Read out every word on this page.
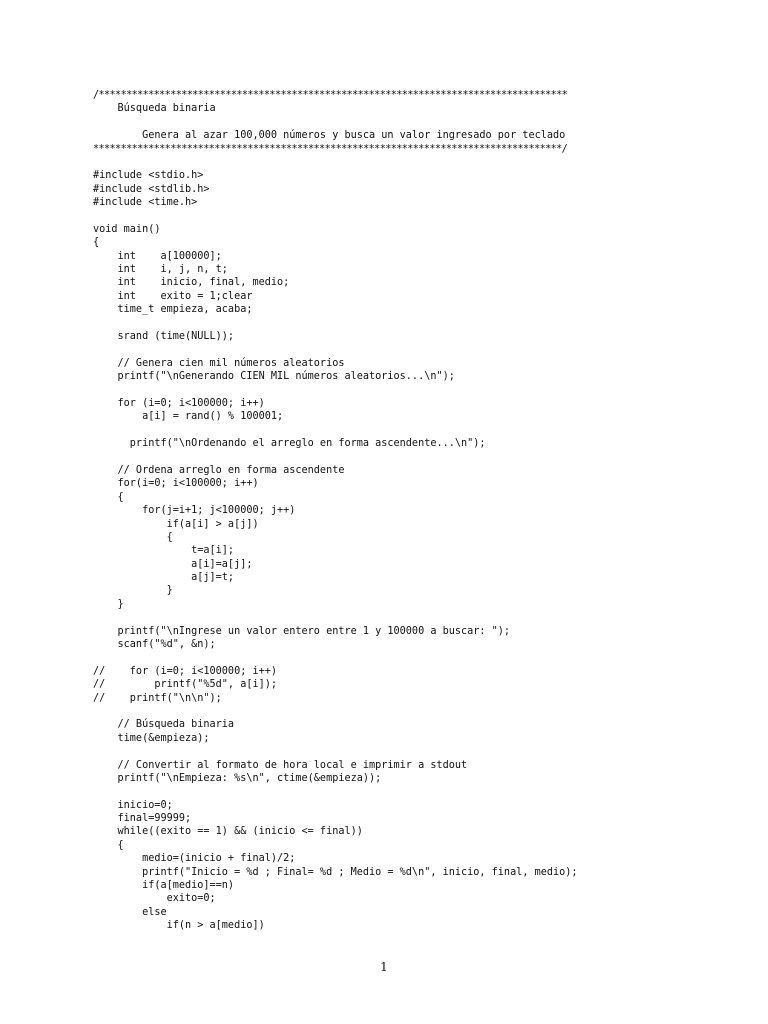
/*************************************************************************************
Búsqueda binaria
Genera al azar 100,000 números y busca un valor ingresado por teclado
*************************************************************************************/
#include <stdio.h>
#include <stdlib.h>
#include <time.h>
void main()
{
int    a[100000];
int    i, j, n, t;
int    inicio, final, medio;
int    exito = 1;clear
time_t empieza, acaba;
srand (time(NULL));
// Genera cien mil números aleatorios
printf("\nGenerando CIEN MIL números aleatorios...\n");
for (i=0; i<100000; i++)
a[i] = rand() % 100001;
printf("\nOrdenando el arreglo en forma ascendente...\n");
// Ordena arreglo en forma ascendente
for(i=0; i<100000; i++)
{
for(j=i+1; j<100000; j++)
if(a[i] > a[j])
{
t=a[i];
a[i]=a[j];
a[j]=t;
}
}
printf("\nIngrese un valor entero entre 1 y 100000 a buscar: ");
scanf("%d", &n);
//    for (i=0; i<100000; i++)
//        printf("%5d", a[i]);
//    printf("\n\n");
// Búsqueda binaria
time(&empieza);
// Convertir al formato de hora local e imprimir a stdout
printf("\nEmpieza: %s\n", ctime(&empieza));
inicio=0;
final=99999;
while((exito == 1) && (inicio <= final))
{
medio=(inicio + final)/2;
printf("Inicio = %d ; Final= %d ; Medio = %d\n", inicio, final, medio);
if(a[medio]==n)
exito=0;
else
if(n > a[medio])
1
